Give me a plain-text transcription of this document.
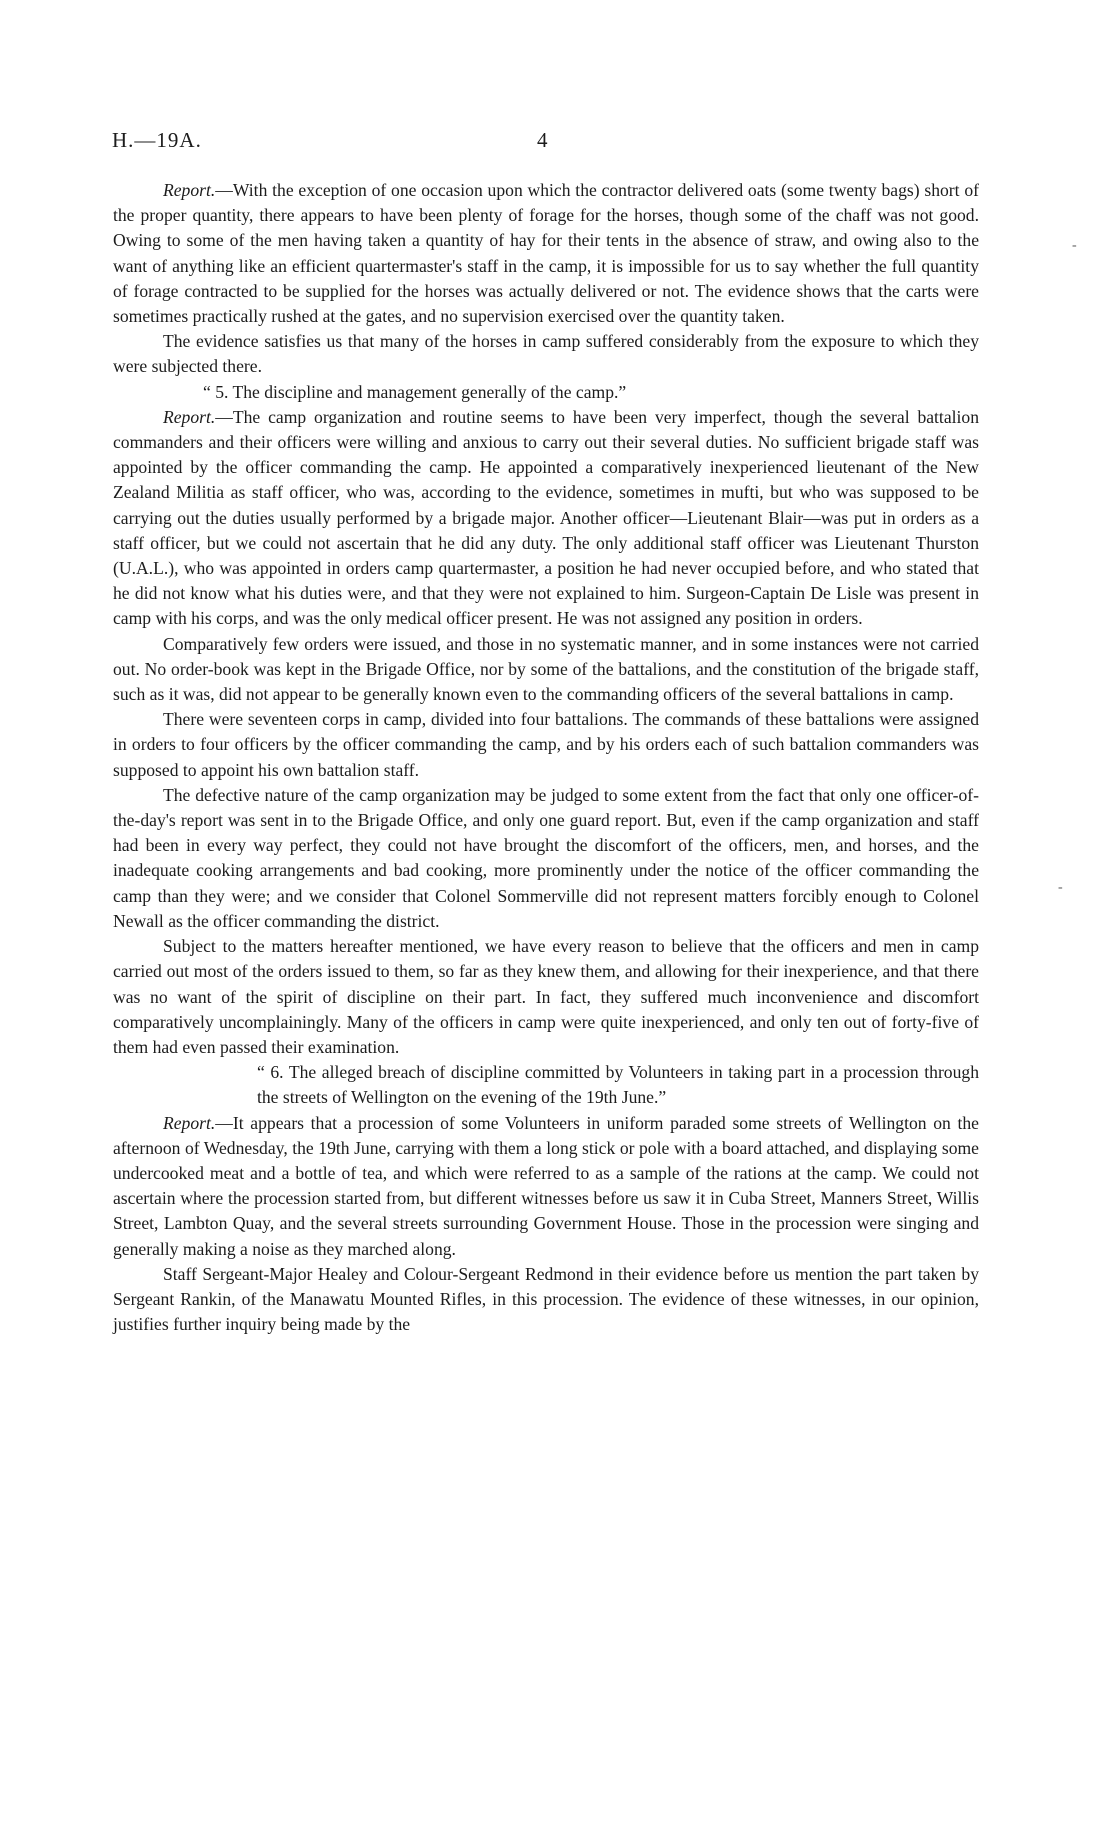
H.—19A.	4

Report.—With the exception of one occasion upon which the contractor delivered oats (some twenty bags) short of the proper quantity, there appears to have been plenty of forage for the horses, though some of the chaff was not good. Owing to some of the men having taken a quantity of hay for their tents in the absence of straw, and owing also to the want of anything like an efficient quartermaster's staff in the camp, it is impossible for us to say whether the full quantity of forage contracted to be supplied for the horses was actually delivered or not. The evidence shows that the carts were sometimes practically rushed at the gates, and no supervision exercised over the quantity taken.

The evidence satisfies us that many of the horses in camp suffered considerably from the exposure to which they were subjected there.

“ 5. The discipline and management generally of the camp.”

Report.—The camp organization and routine seems to have been very imperfect, though the several battalion commanders and their officers were willing and anxious to carry out their several duties. No sufficient brigade staff was appointed by the officer commanding the camp. He appointed a comparatively inexperienced lieutenant of the New Zealand Militia as staff officer, who was, according to the evidence, sometimes in mufti, but who was supposed to be carrying out the duties usually performed by a brigade major. Another officer—Lieutenant Blair—was put in orders as a staff officer, but we could not ascertain that he did any duty. The only additional staff officer was Lieutenant Thurston (U.A.L.), who was appointed in orders camp quartermaster, a position he had never occupied before, and who stated that he did not know what his duties were, and that they were not explained to him. Surgeon-Captain De Lisle was present in camp with his corps, and was the only medical officer present. He was not assigned any position in orders.

Comparatively few orders were issued, and those in no systematic manner, and in some instances were not carried out. No order-book was kept in the Brigade Office, nor by some of the battalions, and the constitution of the brigade staff, such as it was, did not appear to be generally known even to the commanding officers of the several battalions in camp.

There were seventeen corps in camp, divided into four battalions. The commands of these battalions were assigned in orders to four officers by the officer commanding the camp, and by his orders each of such battalion commanders was supposed to appoint his own battalion staff.

The defective nature of the camp organization may be judged to some extent from the fact that only one officer-of-the-day's report was sent in to the Brigade Office, and only one guard report. But, even if the camp organization and staff had been in every way perfect, they could not have brought the discomfort of the officers, men, and horses, and the inadequate cooking arrangements and bad cooking, more prominently under the notice of the officer commanding the camp than they were; and we consider that Colonel Sommerville did not represent matters forcibly enough to Colonel Newall as the officer commanding the district.

Subject to the matters hereafter mentioned, we have every reason to believe that the officers and men in camp carried out most of the orders issued to them, so far as they knew them, and allowing for their inexperience, and that there was no want of the spirit of discipline on their part. In fact, they suffered much inconvenience and discomfort comparatively uncomplainingly. Many of the officers in camp were quite inexperienced, and only ten out of forty-five of them had even passed their examination.

“ 6. The alleged breach of discipline committed by Volunteers in taking part in a procession through the streets of Wellington on the evening of the 19th June.”

Report.—It appears that a procession of some Volunteers in uniform paraded some streets of Wellington on the afternoon of Wednesday, the 19th June, carrying with them a long stick or pole with a board attached, and displaying some undercooked meat and a bottle of tea, and which were referred to as a sample of the rations at the camp. We could not ascertain where the procession started from, but different witnesses before us saw it in Cuba Street, Manners Street, Willis Street, Lambton Quay, and the several streets surrounding Government House. Those in the procession were singing and generally making a noise as they marched along.

Staff Sergeant-Major Healey and Colour-Sergeant Redmond in their evidence before us mention the part taken by Sergeant Rankin, of the Manawatu Mounted Rifles, in this procession. The evidence of these witnesses, in our opinion, justifies further inquiry being made by the

‑
‑
